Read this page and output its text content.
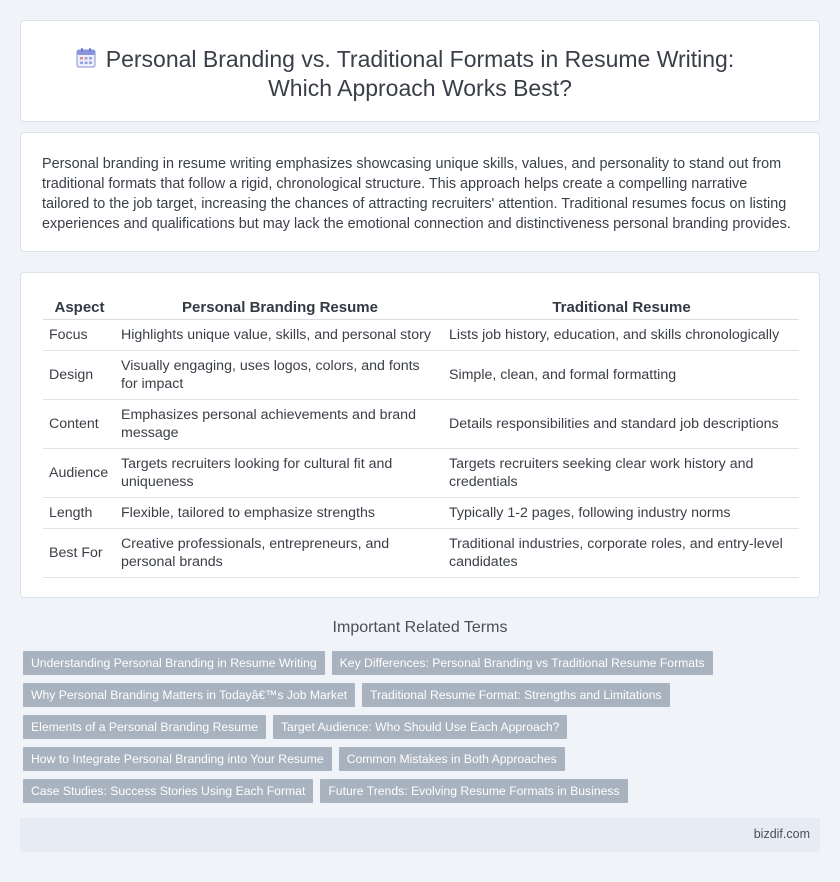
Personal Branding vs. Traditional Formats in Resume Writing:
Which Approach Works Best?

Personal branding in resume writing emphasizes showcasing unique skills, values, and personality to stand out from traditional formats that follow a rigid, chronological structure. This approach helps create a compelling narrative tailored to the job target, increasing the chances of attracting recruiters' attention. Traditional resumes focus on listing experiences and qualifications but may lack the emotional connection and distinctiveness personal branding provides.

Aspect	Personal Branding Resume	Traditional Resume
Focus	Highlights unique value, skills, and personal story	Lists job history, education, and skills chronologically
Design	Visually engaging, uses logos, colors, and fonts for impact	Simple, clean, and formal formatting
Content	Emphasizes personal achievements and brand message	Details responsibilities and standard job descriptions
Audience	Targets recruiters looking for cultural fit and uniqueness	Targets recruiters seeking clear work history and credentials
Length	Flexible, tailored to emphasize strengths	Typically 1-2 pages, following industry norms
Best For	Creative professionals, entrepreneurs, and personal brands	Traditional industries, corporate roles, and entry-level candidates
Important Related Terms
Understanding Personal Branding in Resume Writing	Key Differences: Personal Branding vs Traditional Resume Formats
Why Personal Branding Matters in Todayâ€™s Job Market	Traditional Resume Format: Strengths and Limitations
Elements of a Personal Branding Resume	Target Audience: Who Should Use Each Approach?
How to Integrate Personal Branding into Your Resume	Common Mistakes in Both Approaches
Case Studies: Success Stories Using Each Format	Future Trends: Evolving Resume Formats in Business
bizdif.com
